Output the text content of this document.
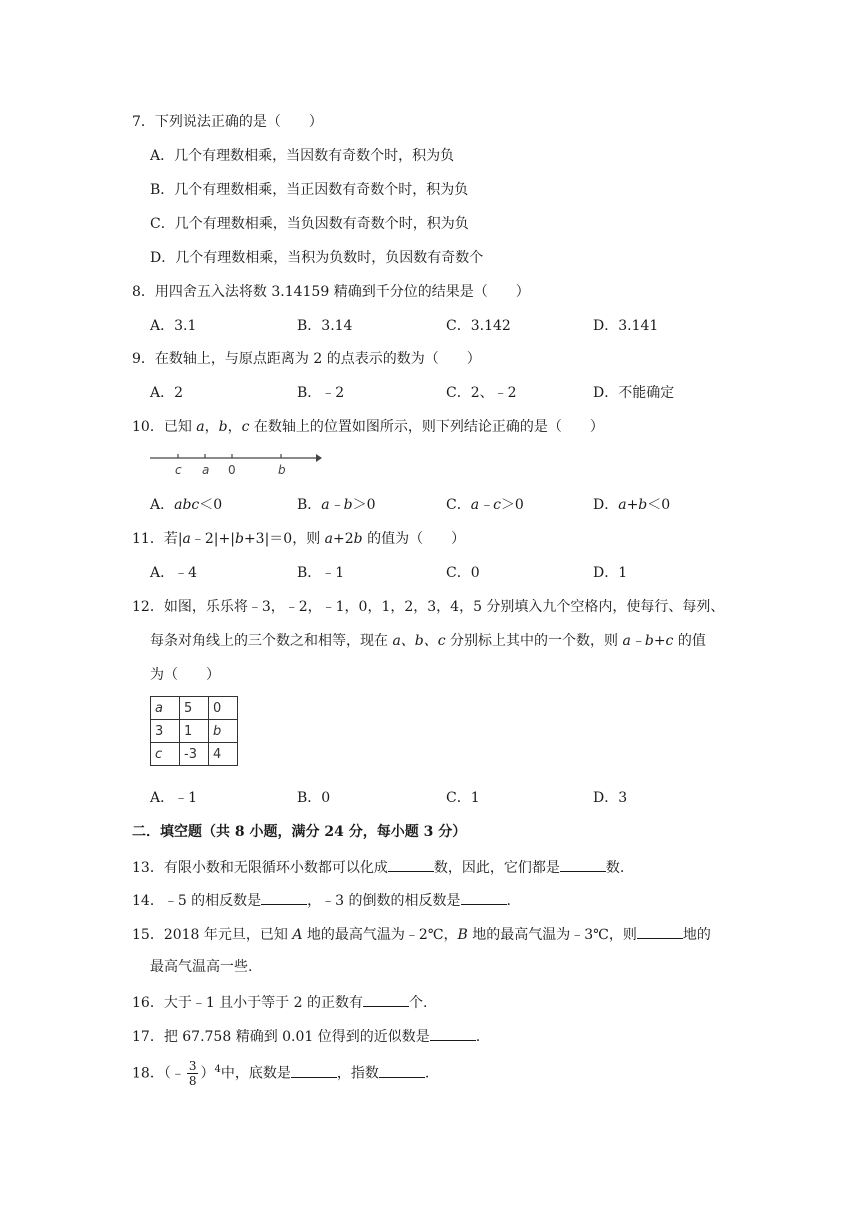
7．下列说法正确的是（　　）
A．几个有理数相乘，当因数有奇数个时，积为负
B．几个有理数相乘，当正因数有奇数个时，积为负
C．几个有理数相乘，当负因数有奇数个时，积为负
D．几个有理数相乘，当积为负数时，负因数有奇数个
8．用四舍五入法将数 3.14159 精确到千分位的结果是（　　）
A．3.1	B．3.14	C．3.142	D．3.141
9．在数轴上，与原点距离为 2 的点表示的数为（　　）
A．2	B．﹣2	C．2、﹣2	D．不能确定
10．已知 a，b，c 在数轴上的位置如图所示，则下列结论正确的是（　　）
c a 0	b
A．abc＜0	B．a﹣b＞0	C．a﹣c＞0	D．a+b＜0
11．若|a﹣2|+|b+3|＝0，则 a+2b 的值为（　　）
A．﹣4	B．﹣1	C．0	D．1
12．如图，乐乐将﹣3，﹣2，﹣1，0，1，2，3，4，5 分别填入九个空格内，使每行、每列、
每条对角线上的三个数之和相等，现在 a、b、c 分别标上其中的一个数，则 a﹣b+c 的值
为（　　）
a	5	0
3	1	b
c	-3	4
A．﹣1	B．0	C．1	D．3
二．填空题（共 8 小题，满分 24 分，每小题 3 分）
13．有限小数和无限循环小数都可以化成	数，因此，它们都是	数.
14．﹣5 的相反数是	，﹣3 的倒数的相反数是	.
15．2018 年元旦，已知 A 地的最高气温为﹣2℃，B 地的最高气温为﹣3℃，则	地的
最高气温高一些.
16．大于﹣1 且小于等于 2 的正数有	个.
17．把 67.758 精确到 0.01 位得到的近似数是	.
18．（﹣ $\frac{3}{8} )^4$中，底数是	，指数	.
